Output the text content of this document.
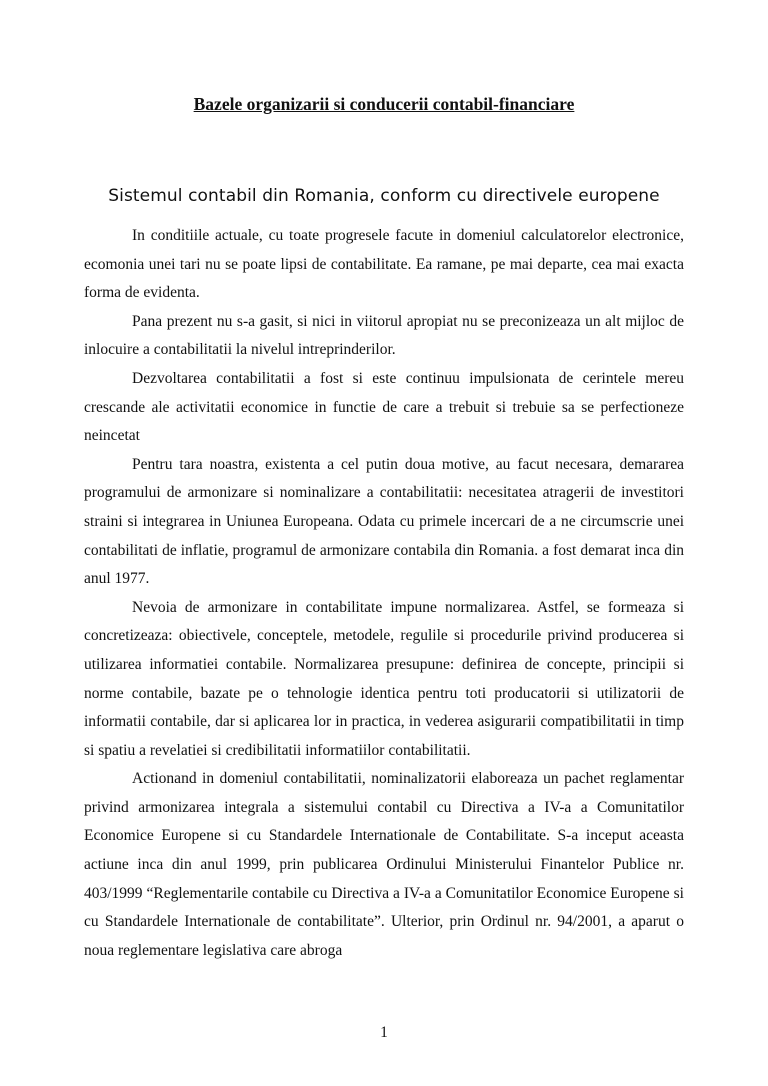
Bazele organizarii si conducerii contabil-financiare
Sistemul contabil din Romania, conform cu directivele europene

In conditiile actuale, cu toate progresele facute in domeniul calculatorelor electronice, ecomonia unei tari nu se poate lipsi de contabilitate. Ea ramane, pe mai departe, cea mai exacta forma de evidenta.

Pana prezent nu s-a gasit, si nici in viitorul apropiat nu se preconizeaza un alt mijloc de inlocuire a contabilitatii la nivelul intreprinderilor.

Dezvoltarea contabilitatii a fost si este continuu impulsionata de cerintele mereu crescande ale activitatii economice in functie de care a trebuit si trebuie sa se perfectioneze neincetat

Pentru tara noastra, existenta a cel putin doua motive, au facut necesara, demararea programului de armonizare si nominalizare a contabilitatii: necesitatea atragerii de investitori straini si integrarea in Uniunea Europeana. Odata cu primele incercari de a ne circumscrie unei contabilitati de inflatie, programul de armonizare contabila din Romania. a fost demarat inca din anul 1977.

Nevoia de armonizare in contabilitate impune normalizarea. Astfel, se formeaza si concretizeaza: obiectivele, conceptele, metodele, regulile si procedurile privind producerea si utilizarea informatiei contabile. Normalizarea presupune: definirea de concepte, principii si norme contabile, bazate pe o tehnologie identica pentru toti producatorii si utilizatorii de informatii contabile, dar si aplicarea lor in practica, in vederea asigurarii compatibilitatii in timp si spatiu a revelatiei si credibilitatii informatiilor contabilitatii.

Actionand in domeniul contabilitatii, nominalizatorii elaboreaza un pachet reglamentar privind armonizarea integrala a sistemului contabil cu Directiva a IV-a a Comunitatilor Economice Europene si cu Standardele Internationale de Contabilitate. S-a inceput aceasta actiune inca din anul 1999, prin publicarea Ordinului Ministerului Finantelor Publice nr. 403/1999 “Reglementarile contabile cu Directiva a IV-a a Comunitatilor Economice Europene si cu Standardele Internationale de contabilitate”. Ulterior, prin Ordinul nr. 94/2001, a aparut o noua reglementare legislativa care abroga

1
